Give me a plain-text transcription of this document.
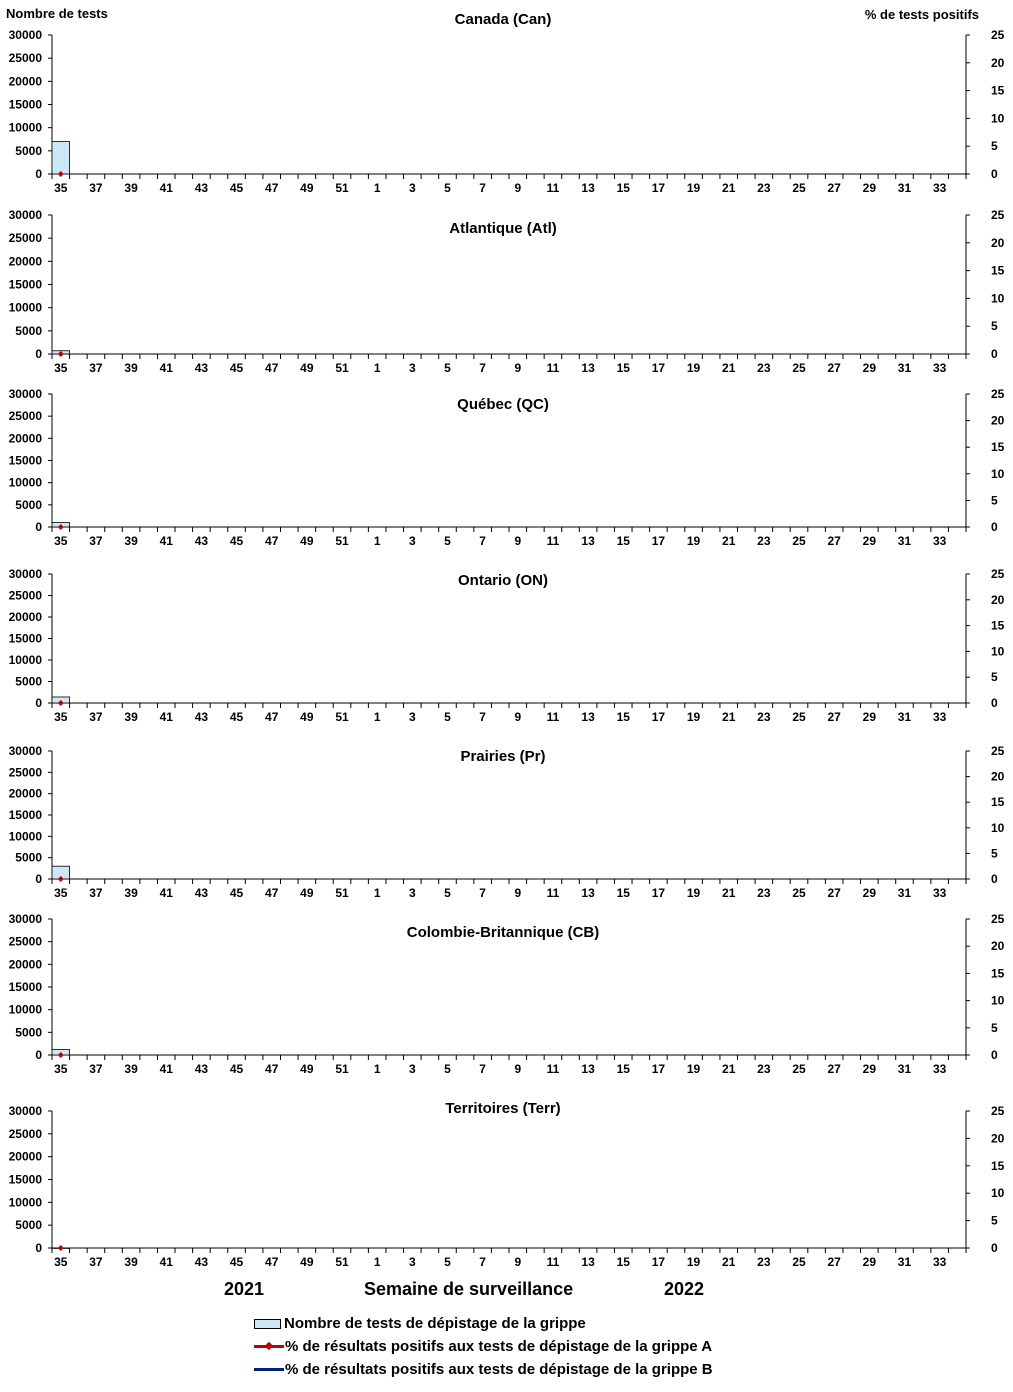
Canada (Can)
0
5000
10000
15000
20000
25000
30000
0
5
10
15
20
25
35 37 39 41 43 45 47 49 51 1 3 5 7 9 11 13 15 17 19 21 23 25 27 29 31 33
Atlantique (Atl)
0
5000
10000
15000
20000
25000
30000
0
5
10
15
20
25
35 37 39 41 43 45 47 49 51 1 3 5 7 9 11 13 15 17 19 21 23 25 27 29 31 33
Québec (QC)
0
5000
10000
15000
20000
25000
30000
0
5
10
15
20
25
35 37 39 41 43 45 47 49 51 1 3 5 7 9 11 13 15 17 19 21 23 25 27 29 31 33
Ontario (ON)
0
5000
10000
15000
20000
25000
30000
0
5
10
15
20
25
35 37 39 41 43 45 47 49 51 1 3 5 7 9 11 13 15 17 19 21 23 25 27 29 31 33
Prairies (Pr)
0
5000
10000
15000
20000
25000
30000
0
5
10
15
20
25
35 37 39 41 43 45 47 49 51 1 3 5 7 9 11 13 15 17 19 21 23 25 27 29 31 33
Colombie-Britannique (CB)
0
5000
10000
15000
20000
25000
30000
0
5
10
15
20
25
35 37 39 41 43 45 47 49 51 1 3 5 7 9 11 13 15 17 19 21 23 25 27 29 31 33
Territoires (Terr)
0
5000
10000
15000
20000
25000
30000
0
5
10
15
20
25
35 37 39 41 43 45 47 49 51 1 3 5 7 9 11 13 15 17 19 21 23 25 27 29 31 33
Nombre de tests	% de tests positifs
2021	Semaine de surveillance	2022
Nombre de tests de dépistage de la grippe
% de résultats positifs aux tests de dépistage de la grippe A
% de résultats positifs aux tests de dépistage de la grippe B
